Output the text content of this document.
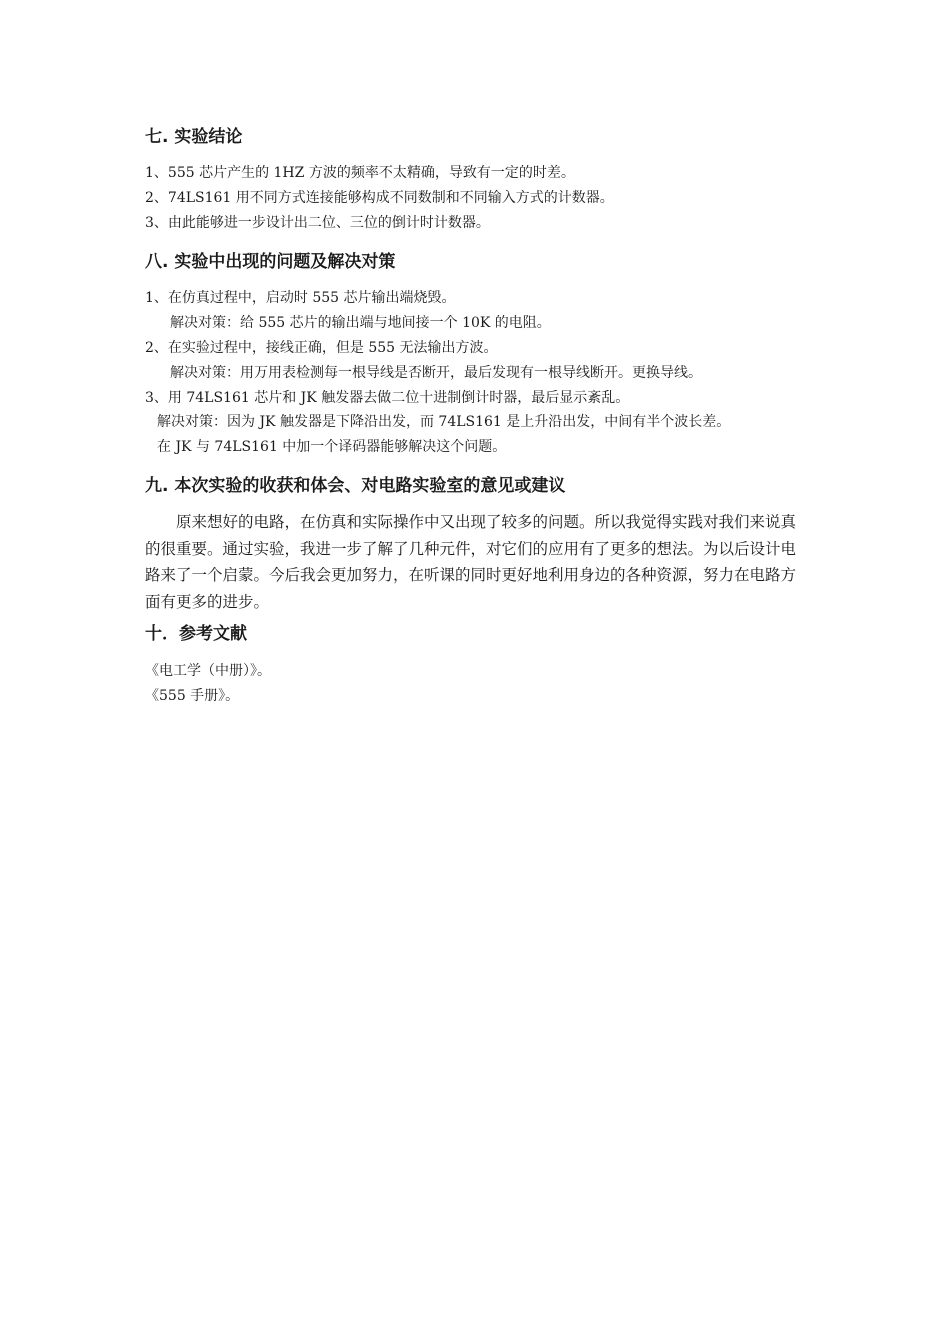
七. 实验结论

1、555 芯片产生的 1HZ 方波的频率不太精确，导致有一定的时差。

2、74LS161 用不同方式连接能够构成不同数制和不同输入方式的计数器。

3、由此能够进一步设计出二位、三位的倒计时计数器。

八. 实验中出现的问题及解决对策

1、在仿真过程中，启动时 555 芯片输出端烧毁。

解决对策：给 555 芯片的输出端与地间接一个 10K 的电阻。

2、在实验过程中，接线正确，但是 555 无法输出方波。

解决对策：用万用表检测每一根导线是否断开，最后发现有一根导线断开。更换导线。

3、用 74LS161 芯片和 JK 触发器去做二位十进制倒计时器，最后显示紊乱。

解决对策：因为 JK 触发器是下降沿出发，而 74LS161 是上升沿出发，中间有半个波长差。

在 JK 与 74LS161 中加一个译码器能够解决这个问题。

九. 本次实验的收获和体会、对电路实验室的意见或建议

原来想好的电路，在仿真和实际操作中又出现了较多的问题。所以我觉得实践对我们来说真的很重要。通过实验，我进一步了解了几种元件，对它们的应用有了更多的想法。为以后设计电路来了一个启蒙。今后我会更加努力，在听课的同时更好地利用身边的各种资源，努力在电路方面有更多的进步。

十．参考文献

《电工学（中册）》。

《555 手册》。
